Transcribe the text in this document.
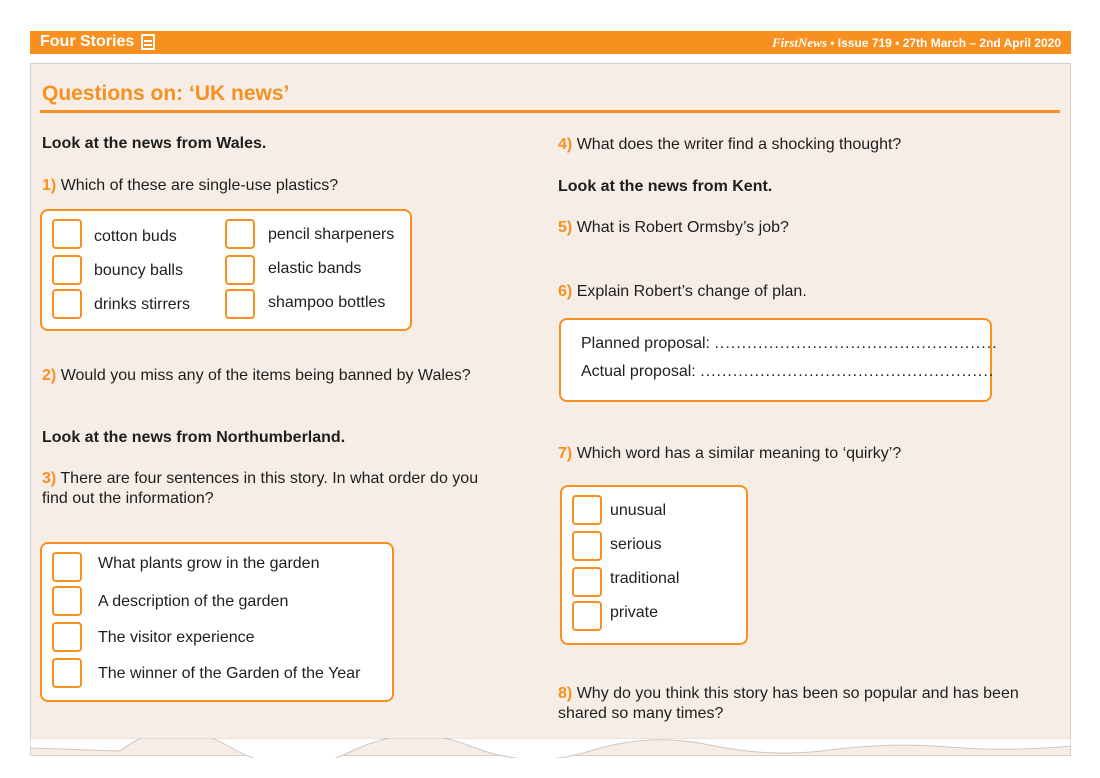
Four Stories	FirstNews • Issue 719 • 27th March – 2nd April 2020
Questions on: ‘UK news’
Look at the news from Wales.
1) Which of these are single-use plastics?
cotton buds
bouncy balls
drinks stirrers
pencil sharpeners
elastic bands
shampoo bottles
2) Would you miss any of the items being banned by Wales?
Look at the news from Northumberland.
3) There are four sentences in this story. In what order do you find out the information?
What plants grow in the garden
A description of the garden
The visitor experience
The winner of the Garden of the Year
4) What does the writer find a shocking thought?
Look at the news from Kent.
5) What is Robert Ormsby’s job?
6) Explain Robert’s change of plan.
Planned proposal: ....................................................
Actual proposal: ......................................................
7) Which word has a similar meaning to ‘quirky’?
unusual
serious
traditional
private
8) Why do you think this story has been so popular and has been shared so many times?
